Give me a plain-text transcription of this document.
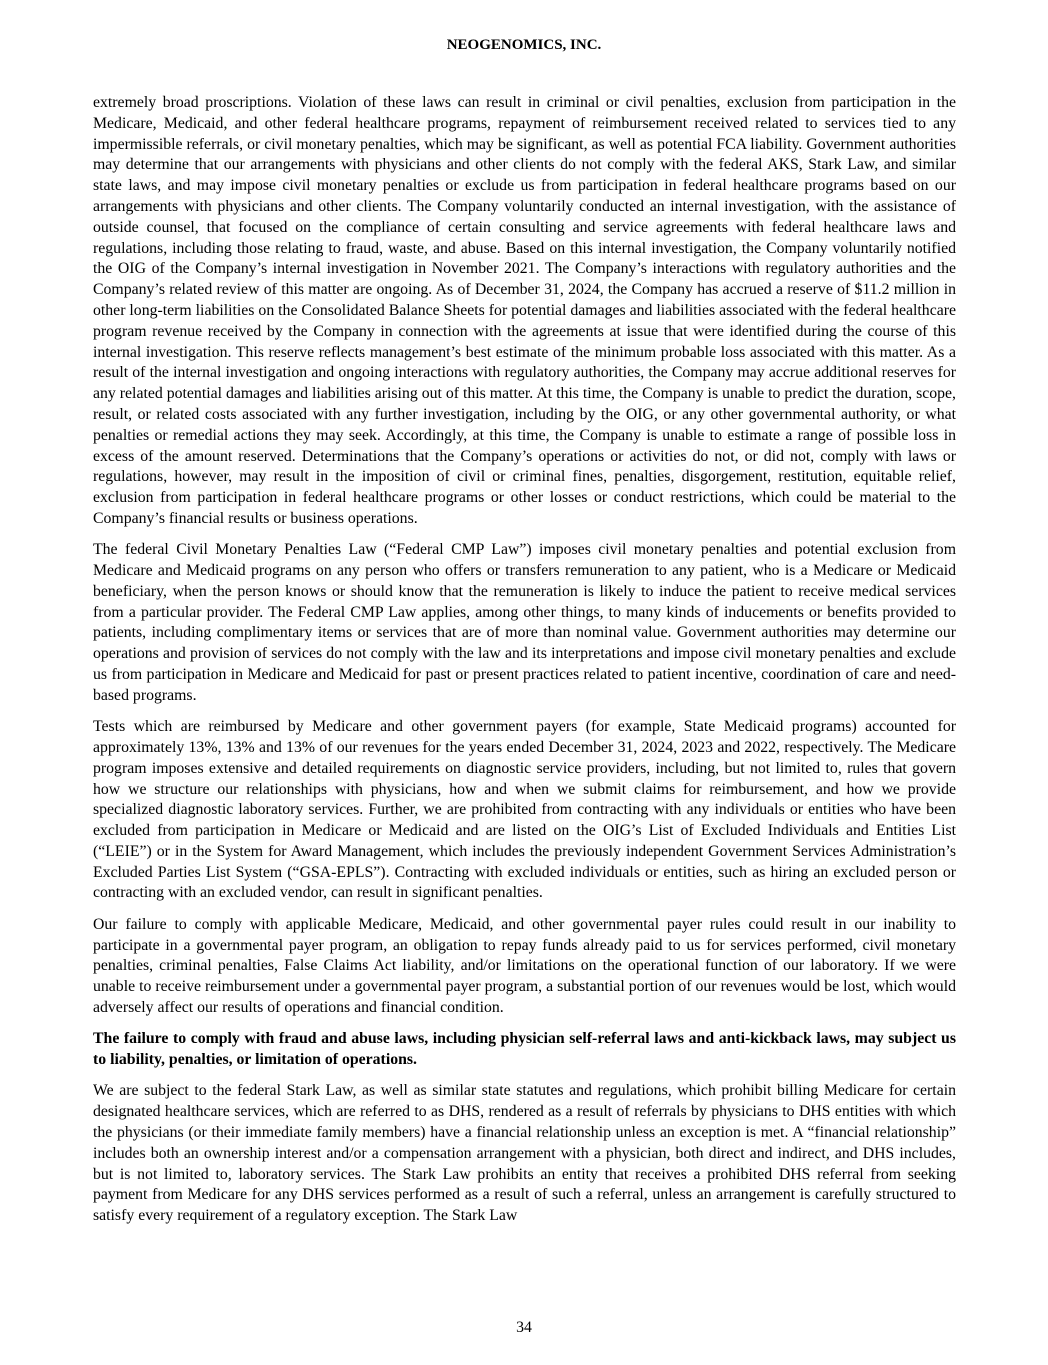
NEOGENOMICS, INC.

extremely broad proscriptions. Violation of these laws can result in criminal or civil penalties, exclusion from participation in the Medicare, Medicaid, and other federal healthcare programs, repayment of reimbursement received related to services tied to any impermissible referrals, or civil monetary penalties, which may be significant, as well as potential FCA liability. Government authorities may determine that our arrangements with physicians and other clients do not comply with the federal AKS, Stark Law, and similar state laws, and may impose civil monetary penalties or exclude us from participation in federal healthcare programs based on our arrangements with physicians and other clients. The Company voluntarily conducted an internal investigation, with the assistance of outside counsel, that focused on the compliance of certain consulting and service agreements with federal healthcare laws and regulations, including those relating to fraud, waste, and abuse. Based on this internal investigation, the Company voluntarily notified the OIG of the Company’s internal investigation in November 2021. The Company’s interactions with regulatory authorities and the Company’s related review of this matter are ongoing. As of December 31, 2024, the Company has accrued a reserve of $11.2 million in other long-term liabilities on the Consolidated Balance Sheets for potential damages and liabilities associated with the federal healthcare program revenue received by the Company in connection with the agreements at issue that were identified during the course of this internal investigation. This reserve reflects management’s best estimate of the minimum probable loss associated with this matter. As a result of the internal investigation and ongoing interactions with regulatory authorities, the Company may accrue additional reserves for any related potential damages and liabilities arising out of this matter. At this time, the Company is unable to predict the duration, scope, result, or related costs associated with any further investigation, including by the OIG, or any other governmental authority, or what penalties or remedial actions they may seek. Accordingly, at this time, the Company is unable to estimate a range of possible loss in excess of the amount reserved. Determinations that the Company’s operations or activities do not, or did not, comply with laws or regulations, however, may result in the imposition of civil or criminal fines, penalties, disgorgement, restitution, equitable relief, exclusion from participation in federal healthcare programs or other losses or conduct restrictions, which could be material to the Company’s financial results or business operations.

The federal Civil Monetary Penalties Law (“Federal CMP Law”) imposes civil monetary penalties and potential exclusion from Medicare and Medicaid programs on any person who offers or transfers remuneration to any patient, who is a Medicare or Medicaid beneficiary, when the person knows or should know that the remuneration is likely to induce the patient to receive medical services from a particular provider. The Federal CMP Law applies, among other things, to many kinds of inducements or benefits provided to patients, including complimentary items or services that are of more than nominal value. Government authorities may determine our operations and provision of services do not comply with the law and its interpretations and impose civil monetary penalties and exclude us from participation in Medicare and Medicaid for past or present practices related to patient incentive, coordination of care and need-based programs.

Tests which are reimbursed by Medicare and other government payers (for example, State Medicaid programs) accounted for approximately 13%, 13% and 13% of our revenues for the years ended December 31, 2024, 2023 and 2022, respectively. The Medicare program imposes extensive and detailed requirements on diagnostic service providers, including, but not limited to, rules that govern how we structure our relationships with physicians, how and when we submit claims for reimbursement, and how we provide specialized diagnostic laboratory services. Further, we are prohibited from contracting with any individuals or entities who have been excluded from participation in Medicare or Medicaid and are listed on the OIG’s List of Excluded Individuals and Entities List (“LEIE”) or in the System for Award Management, which includes the previously independent Government Services Administration’s Excluded Parties List System (“GSA-EPLS”). Contracting with excluded individuals or entities, such as hiring an excluded person or contracting with an excluded vendor, can result in significant penalties.

Our failure to comply with applicable Medicare, Medicaid, and other governmental payer rules could result in our inability to participate in a governmental payer program, an obligation to repay funds already paid to us for services performed, civil monetary penalties, criminal penalties, False Claims Act liability, and/or limitations on the operational function of our laboratory. If we were unable to receive reimbursement under a governmental payer program, a substantial portion of our revenues would be lost, which would adversely affect our results of operations and financial condition.

The failure to comply with fraud and abuse laws, including physician self-referral laws and anti-kickback laws, may subject us to liability, penalties, or limitation of operations.

We are subject to the federal Stark Law, as well as similar state statutes and regulations, which prohibit billing Medicare for certain designated healthcare services, which are referred to as DHS, rendered as a result of referrals by physicians to DHS entities with which the physicians (or their immediate family members) have a financial relationship unless an exception is met. A “financial relationship” includes both an ownership interest and/or a compensation arrangement with a physician, both direct and indirect, and DHS includes, but is not limited to, laboratory services. The Stark Law prohibits an entity that receives a prohibited DHS referral from seeking payment from Medicare for any DHS services performed as a result of such a referral, unless an arrangement is carefully structured to satisfy every requirement of a regulatory exception. The Stark Law

34
